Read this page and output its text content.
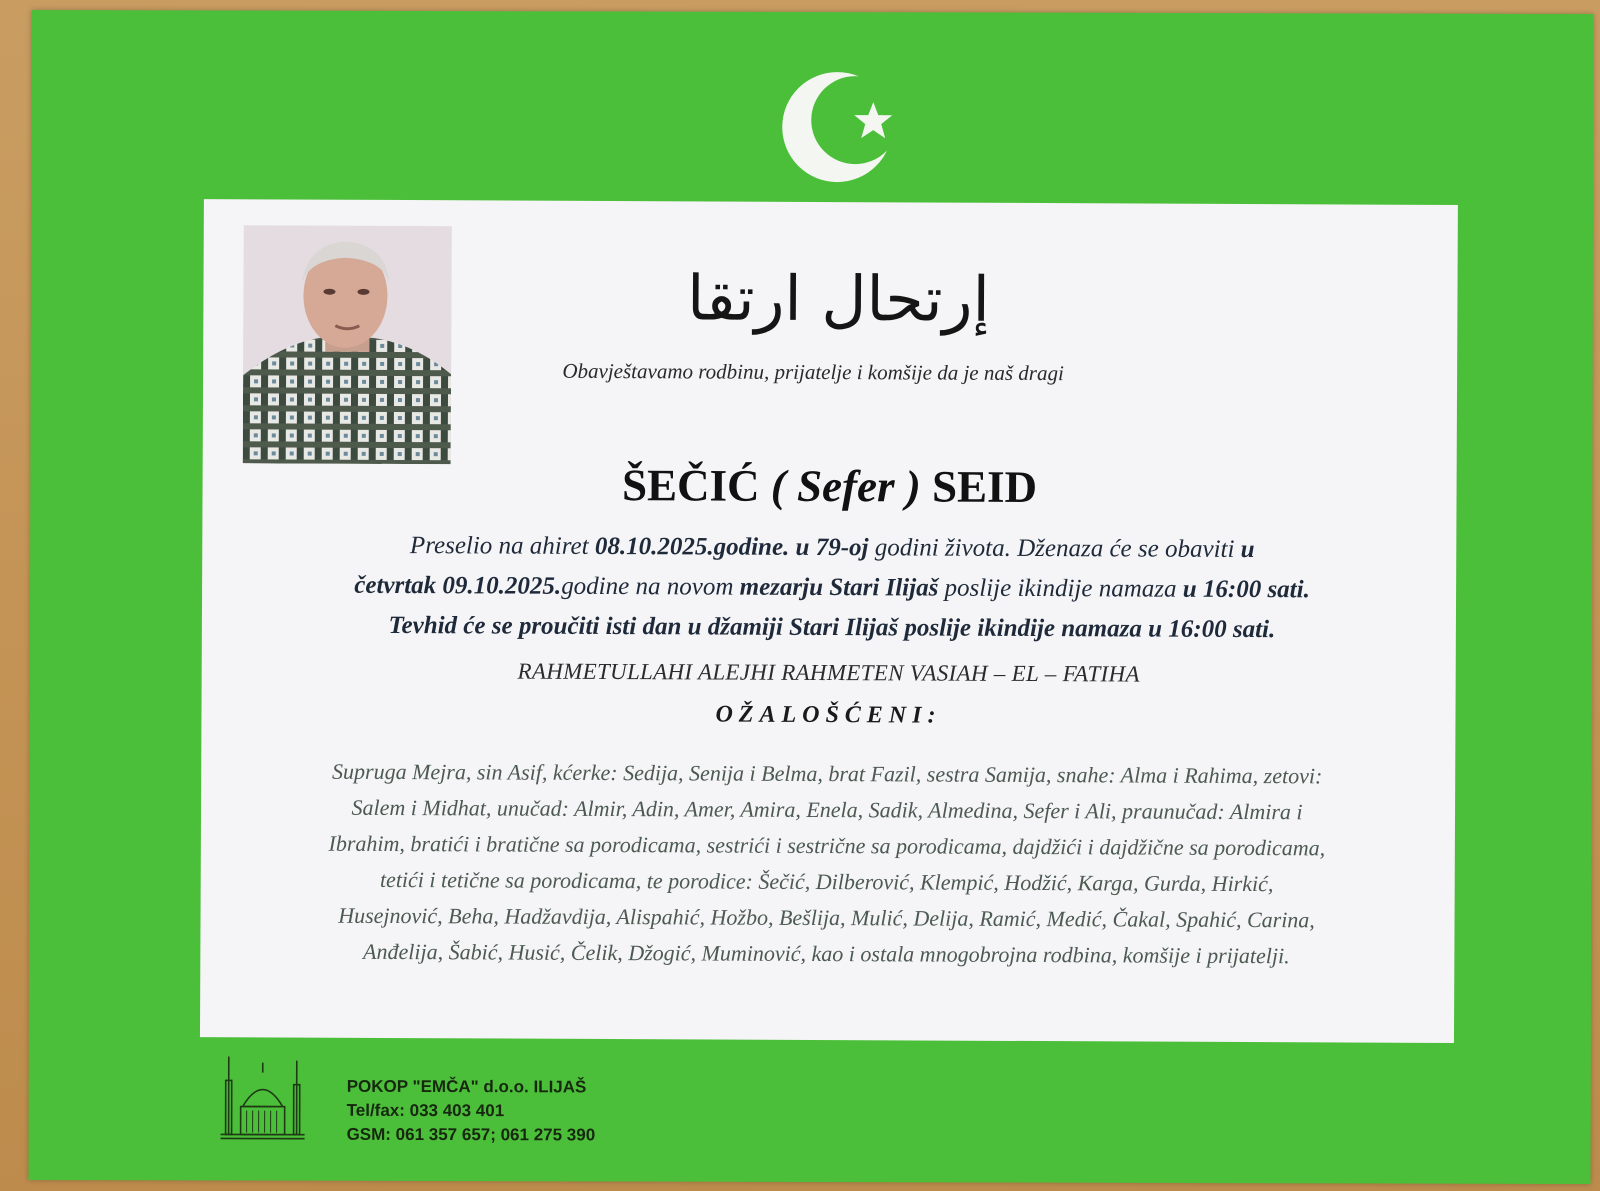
إرتحال ارتقا
Obavještavamo rodbinu, prijatelje i komšije da je naš dragi
ŠEČIĆ ( Sefer ) SEID
Preselio na ahiret 08.10.2025.godine. u 79-oj godini života. Dženaza će se obaviti u
četvrtak 09.10.2025.godine na novom mezarju Stari Ilijaš poslije ikindije namaza u 16:00 sati.
Tevhid će se proučiti isti dan u džamiji Stari Ilijaš poslije ikindije namaza u 16:00 sati.
RAHMETULLAHI ALEJHI RAHMETEN VASIAH – EL – FATIHA
OŽALOŠĆENI:
Supruga Mejra, sin Asif, kćerke: Sedija, Senija i Belma, brat Fazil, sestra Samija, snahe: Alma i Rahima, zetovi:
Salem i Midhat, unučad: Almir, Adin, Amer, Amira, Enela, Sadik, Almedina, Sefer i Ali, praunučad: Almira i
Ibrahim, bratići i bratične sa porodicama, sestrići i sestrične sa porodicama, dajdžići i dajdžične sa porodicama,
tetići i tetične sa porodicama, te porodice: Šečić, Dilberović, Klempić, Hodžić, Karga, Gurda, Hirkić,
Husejnović, Beha, Hadžavdija, Alispahić, Hožbo, Bešlija, Mulić, Delija, Ramić, Medić, Čakal, Spahić, Carina,
Anđelija, Šabić, Husić, Čelik, Džogić, Muminović, kao i ostala mnogobrojna rodbina, komšije i prijatelji.
POKOP "EMČA" d.o.o. ILIJAŠ
Tel/fax: 033 403 401
GSM: 061 357 657; 061 275 390
